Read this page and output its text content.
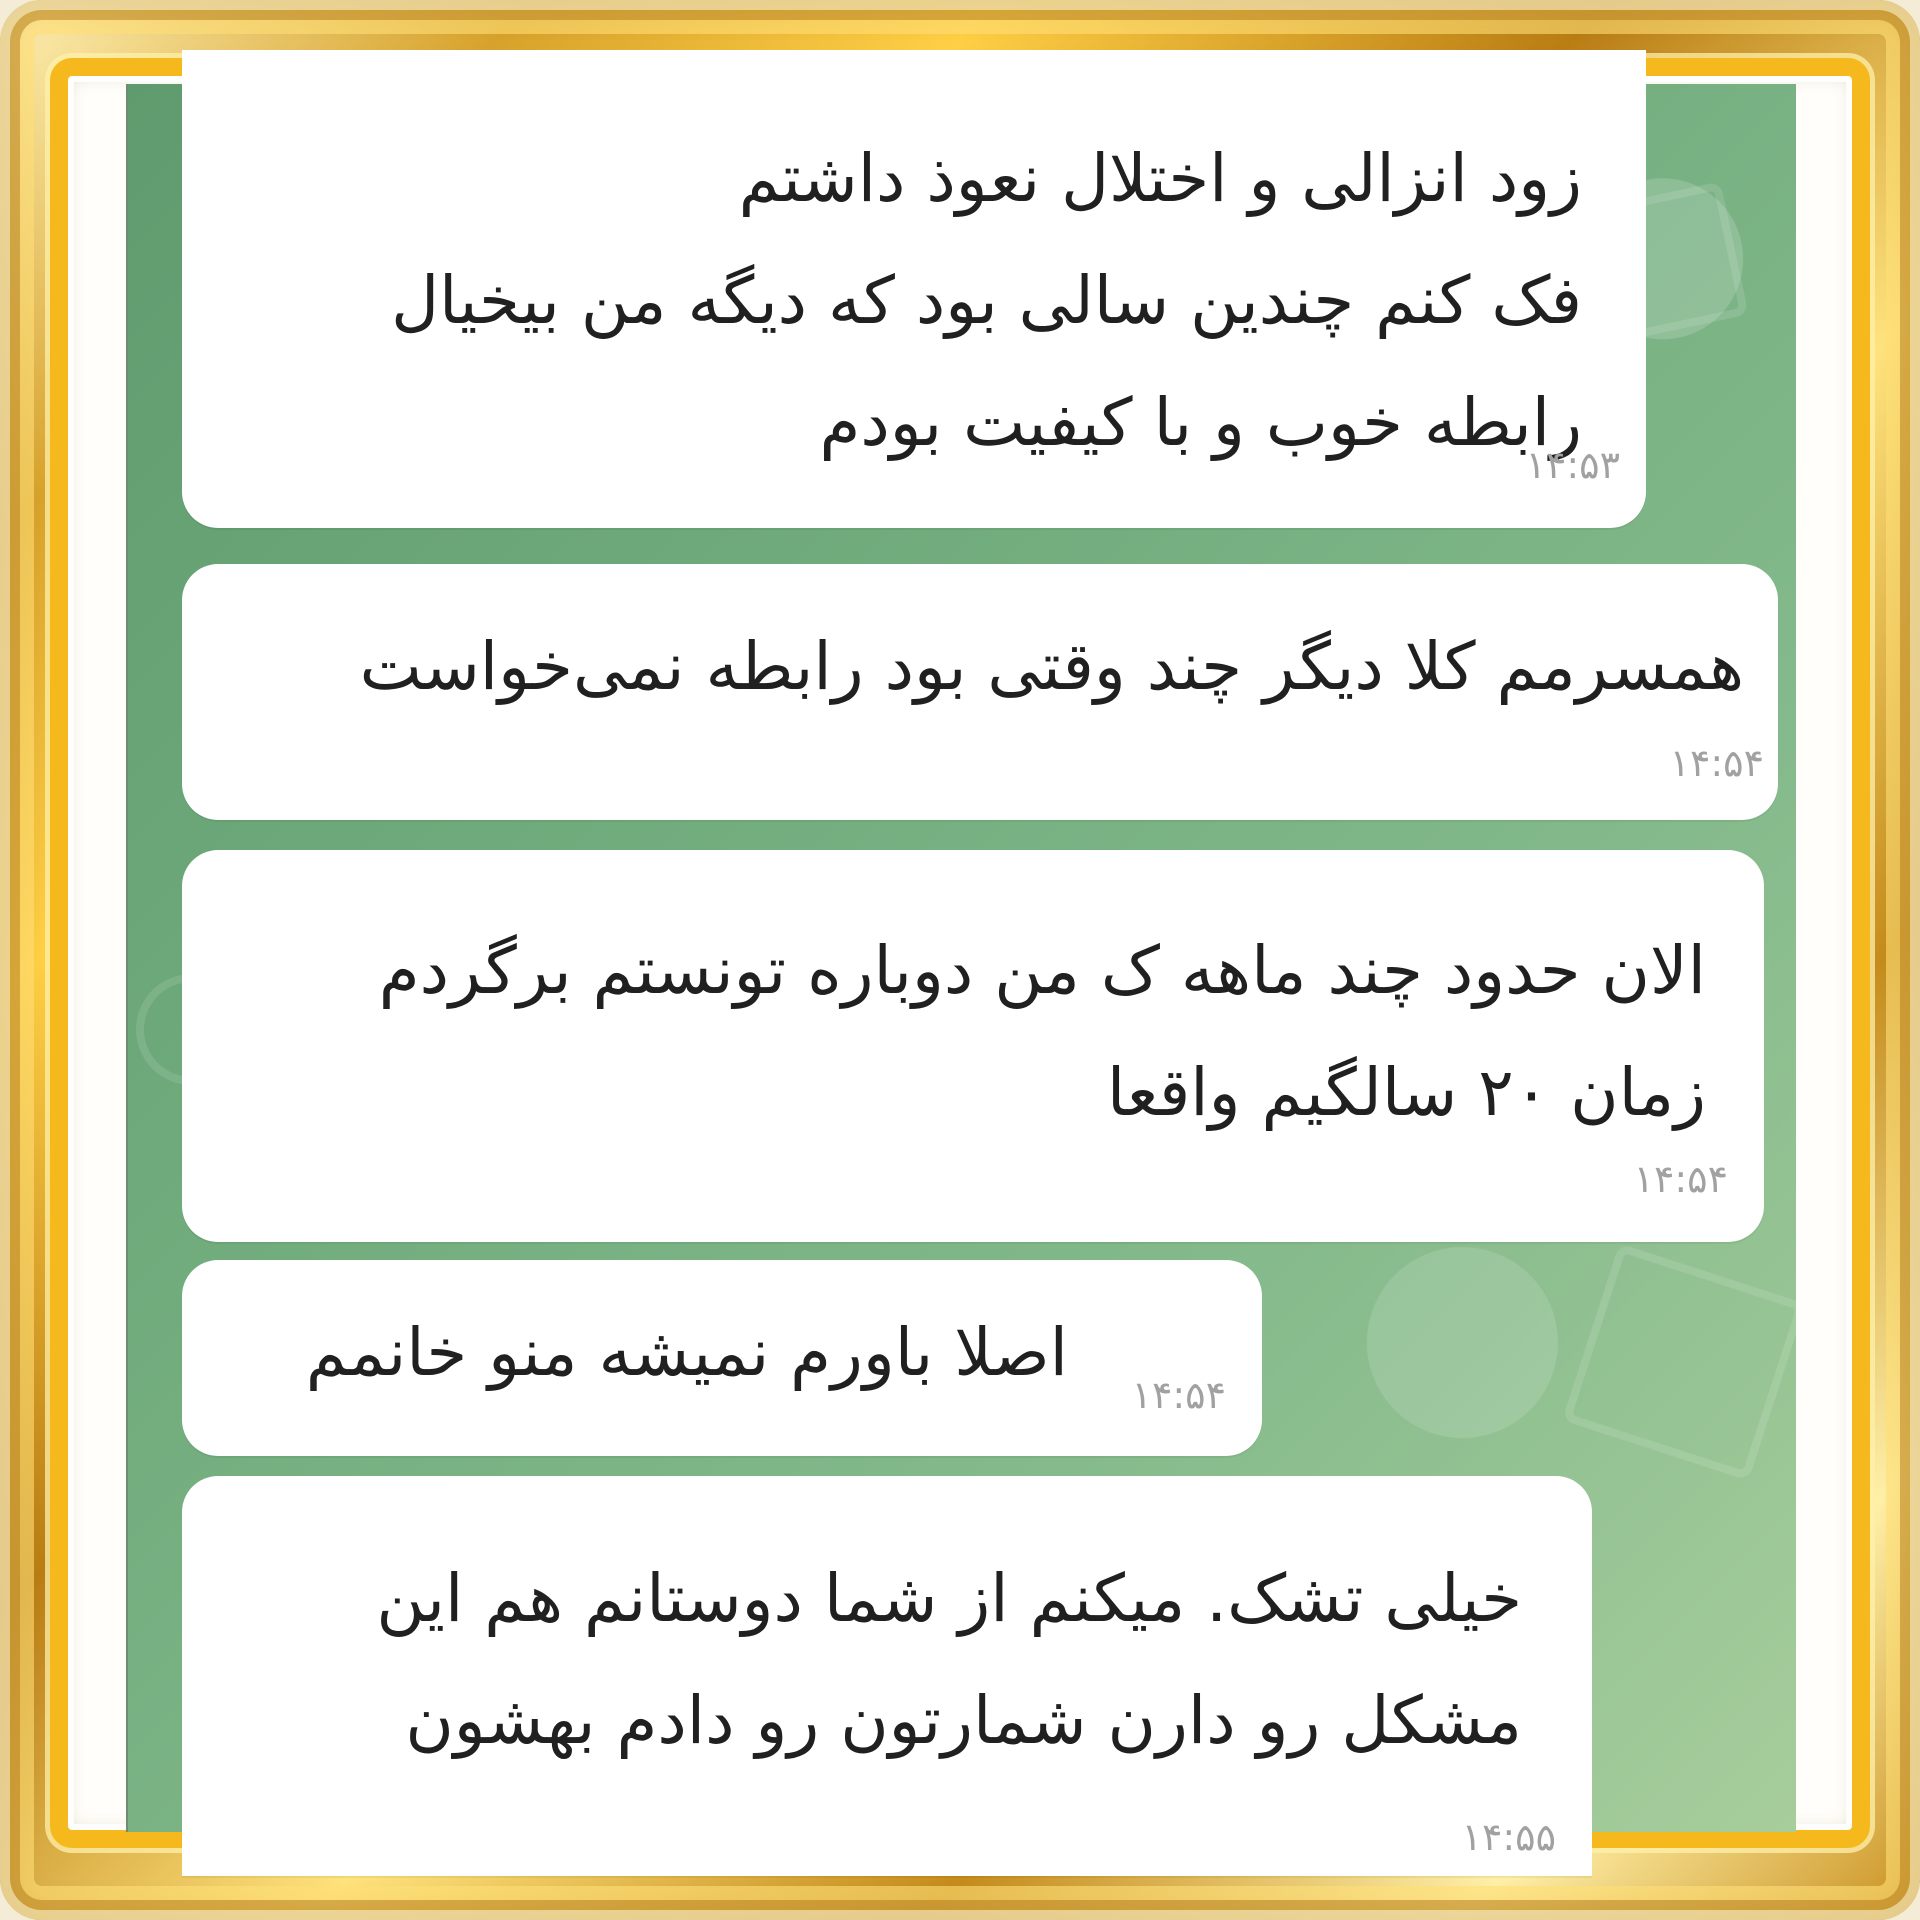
زود انزالی و اختلال نعوذ داشتم
فک کنم چندین سالی بود که دیگه من بیخیال
رابطه خوب و با کیفیت بودم

۱۴:۵۳

همسرمم کلا دیگر چند وقتی بود رابطه نمی‌خواست

۱۴:۵۴

الان حدود چند ماهه ک من دوباره تونستم برگردم
زمان ۲۰ سالگیم واقعا

۱۴:۵۴

اصلا باورم نمیشه منو خانمم

۱۴:۵۴

خیلی تشک. میکنم از شما دوستانم هم این
مشکل رو دارن شمارتون رو دادم بهشون

۱۴:۵۵
